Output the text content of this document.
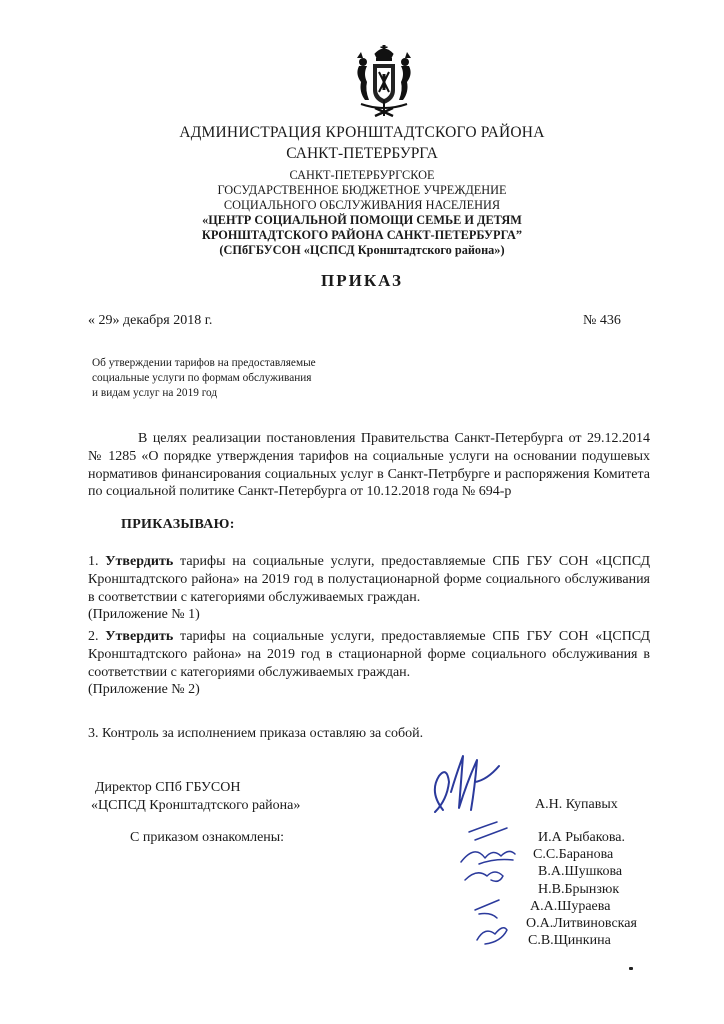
АДМИНИСТРАЦИЯ КРОНШТАДТСКОГО РАЙОНА
САНКТ-ПЕТЕРБУРГА
САНКТ-ПЕТЕРБУРГСКОЕ
ГОСУДАРСТВЕННОЕ БЮДЖЕТНОЕ УЧРЕЖДЕНИЕ
СОЦИАЛЬНОГО ОБСЛУЖИВАНИЯ НАСЕЛЕНИЯ
«ЦЕНТР СОЦИАЛЬНОЙ ПОМОЩИ СЕМЬЕ И ДЕТЯМ
КРОНШТАДТСКОГО РАЙОНА САНКТ-ПЕТЕРБУРГА”
(СПбГБУСОН «ЦСПСД Кронштадтского района»)
ПРИКАЗ
« 29» декабря 2018 г.	№ 436
Об утверждении тарифов на предоставляемые
социальные услуги по формам обслуживания
и видам услуг на 2019 год
В целях реализации постановления Правительства Санкт-Петербурга от 29.12.2014 № 1285 «О порядке утверждения тарифов на социальные услуги на основании подушевых нормативов финансирования социальных услуг в Санкт-Петрбурге и распоряжения Комитета по социальной политике Санкт-Петербурга от 10.12.2018 года № 694-р
ПРИКАЗЫВАЮ:
1. Утвердить тарифы на социальные услуги, предоставляемые СПБ ГБУ СОН «ЦСПСД Кронштадтского района» на 2019 год в полустационарной форме социального обслуживания в соответствии с категориями обслуживаемых граждан.
(Приложение № 1)
2. Утвердить тарифы на социальные услуги, предоставляемые СПБ ГБУ СОН «ЦСПСД Кронштадтского района» на 2019 год в стационарной форме социального обслуживания в соответствии с категориями обслуживаемых граждан.
(Приложение № 2)
3. Контроль за исполнением приказа оставляю за собой.
Директор СПб ГБУСОН
«ЦСПСД Кронштадтского района»	А.Н. Купавых
С приказом ознакомлены:	И.А Рыбакова.
С.С.Баранова
В.А.Шушкова
Н.В.Брынзюк
А.А.Шураева
О.А.Литвиновская
С.В.Щинкина
